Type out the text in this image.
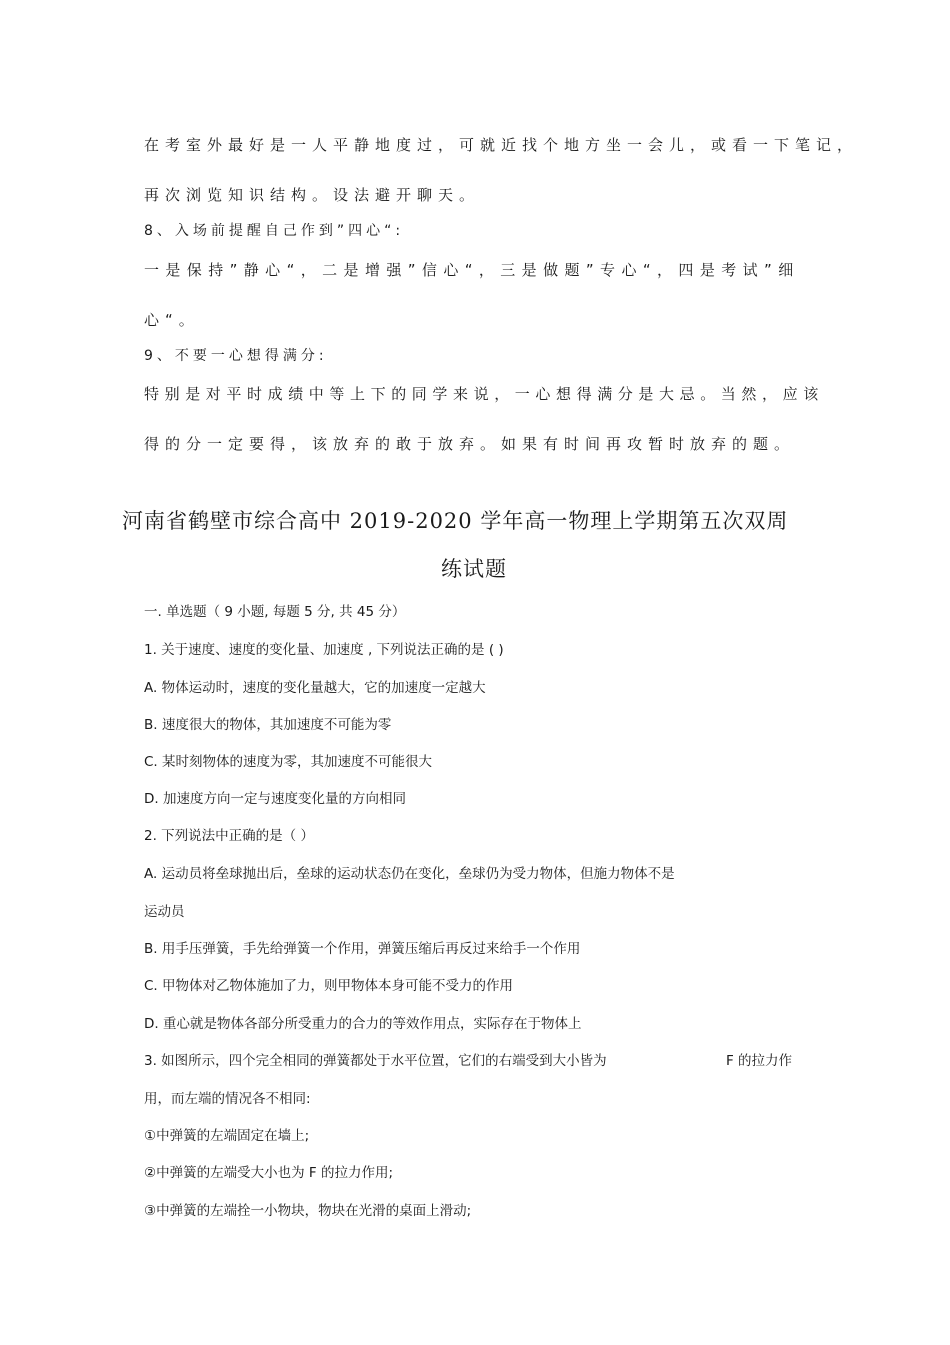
在考室外最好是一人平静地度过，可就近找个地方坐一会儿，或看一下笔记，
再次浏览知识结构。设法避开聊天。
8、入场前提醒自己作到”四心“:
一是保持”静心“，二是增强”信心“，三是做题”专心“，四是考试”细
心“。
9、不要一心想得满分:
特别是对平时成绩中等上下的同学来说，一心想得满分是大忌。当然，应该
得的分一定要得，该放弃的敢于放弃。如果有时间再攻暂时放弃的题。
河南省鹤壁市综合高中 2019-2020 学年高一物理上学期第五次双周
练试题
一. 单选题（ 9 小题, 每题 5 分, 共 45 分）
1. 关于速度、速度的变化量、加速度 , 下列说法正确的是 ( )
A. 物体运动时，速度的变化量越大，它的加速度一定越大
B. 速度很大的物体，其加速度不可能为零
C. 某时刻物体的速度为零，其加速度不可能很大
D. 加速度方向一定与速度变化量的方向相同
2. 下列说法中正确的是（ ）
A. 运动员将垒球抛出后，垒球的运动状态仍在变化，垒球仍为受力物体，但施力物体不是
运动员
B. 用手压弹簧，手先给弹簧一个作用，弹簧压缩后再反过来给手一个作用
C. 甲物体对乙物体施加了力，则甲物体本身可能不受力的作用
D. 重心就是物体各部分所受重力的合力的等效作用点，实际存在于物体上
3. 如图所示，四个完全相同的弹簧都处于水平位置，它们的右端受到大小皆为	F 的拉力作
用，而左端的情况各不相同:
①中弹簧的左端固定在墙上;
②中弹簧的左端受大小也为 F 的拉力作用;
③中弹簧的左端拴一小物块，物块在光滑的桌面上滑动;
